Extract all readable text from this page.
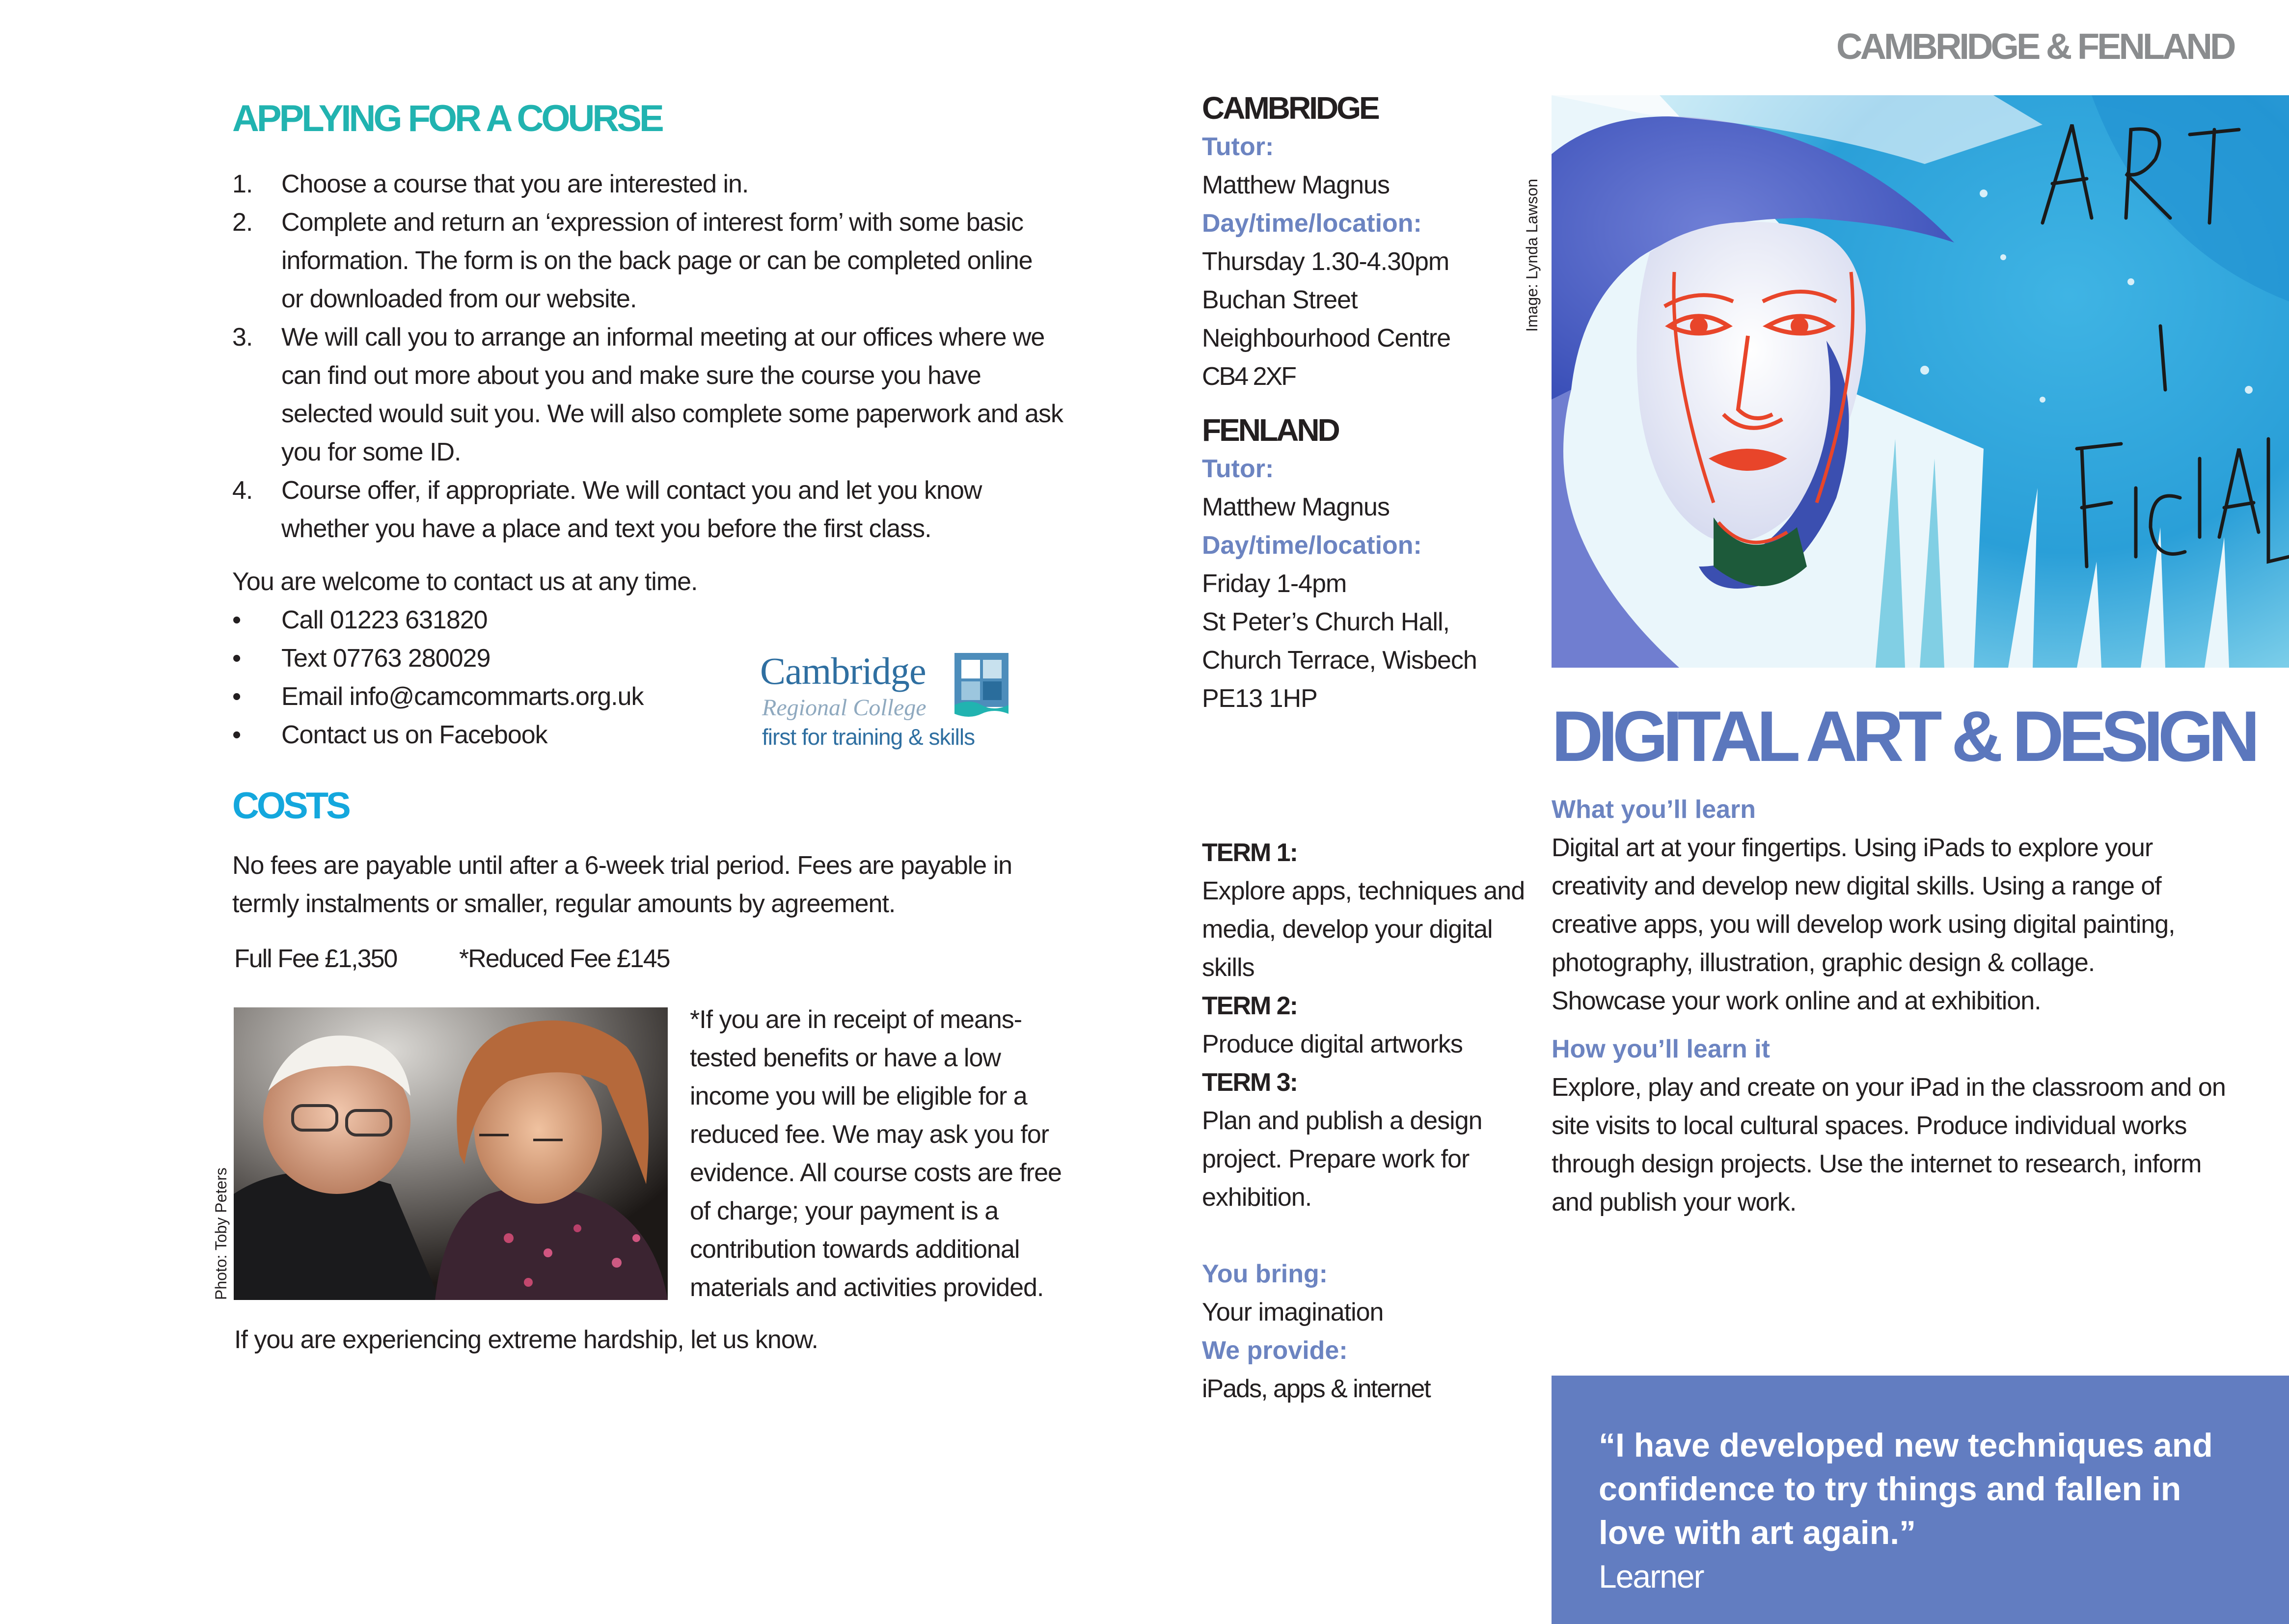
CAMBRIDGE & FENLAND
APPLYING FOR A COURSE
1. Choose a course that you are interested in.
2. Complete and return an ‘expression of interest form’ with some basic
information. The form is on the back page or can be completed online
or downloaded from our website.
3. We will call you to arrange an informal meeting at our offices where we
can find out more about you and make sure the course you have
selected would suit you. We will also complete some paperwork and ask
you for some ID.
4. Course offer, if appropriate. We will contact you and let you know
whether you have a place and text you before the first class.
You are welcome to contact us at any time.
• Call 01223 631820
• Text 07763 280029
• Email info@camcommarts.org.uk
• Contact us on Facebook
Cambridge
Regional College
first for training & skills
COSTS
No fees are payable until after a 6-week trial period. Fees are payable in
termly instalments or smaller, regular amounts by agreement.
Full Fee £1,350 *Reduced Fee £145
Photo: Toby Peters
*If you are in receipt of means-
tested benefits or have a low
income you will be eligible for a
reduced fee. We may ask you for
evidence. All course costs are free
of charge; your payment is a
contribution towards additional
materials and activities provided.
If you are experiencing extreme hardship, let us know.
CAMBRIDGE
Tutor:
Matthew Magnus
Day/time/location:
Thursday 1.30-4.30pm
Buchan Street
Neighbourhood Centre
CB4 2XF
FENLAND
Tutor:
Matthew Magnus
Day/time/location:
Friday 1-4pm
St Peter’s Church Hall,
Church Terrace, Wisbech
PE13 1HP
TERM 1:
Explore apps, techniques and
media, develop your digital
skills
TERM 2:
Produce digital artworks
TERM 3:
Plan and publish a design
project. Prepare work for
exhibition.
You bring:
Your imagination
We provide:
iPads, apps & internet
Image: Lynda Lawson
DIGITAL ART & DESIGN
What you’ll learn
Digital art at your fingertips. Using iPads to explore your
creativity and develop new digital skills. Using a range of
creative apps, you will develop work using digital painting,
photography, illustration, graphic design & collage.
Showcase your work online and at exhibition.
How you’ll learn it
Explore, play and create on your iPad in the classroom and on
site visits to local cultural spaces. Produce individual works
through design projects. Use the internet to research, inform
and publish your work.
“I have developed new techniques and
confidence to try things and fallen in
love with art again.”
Learner
